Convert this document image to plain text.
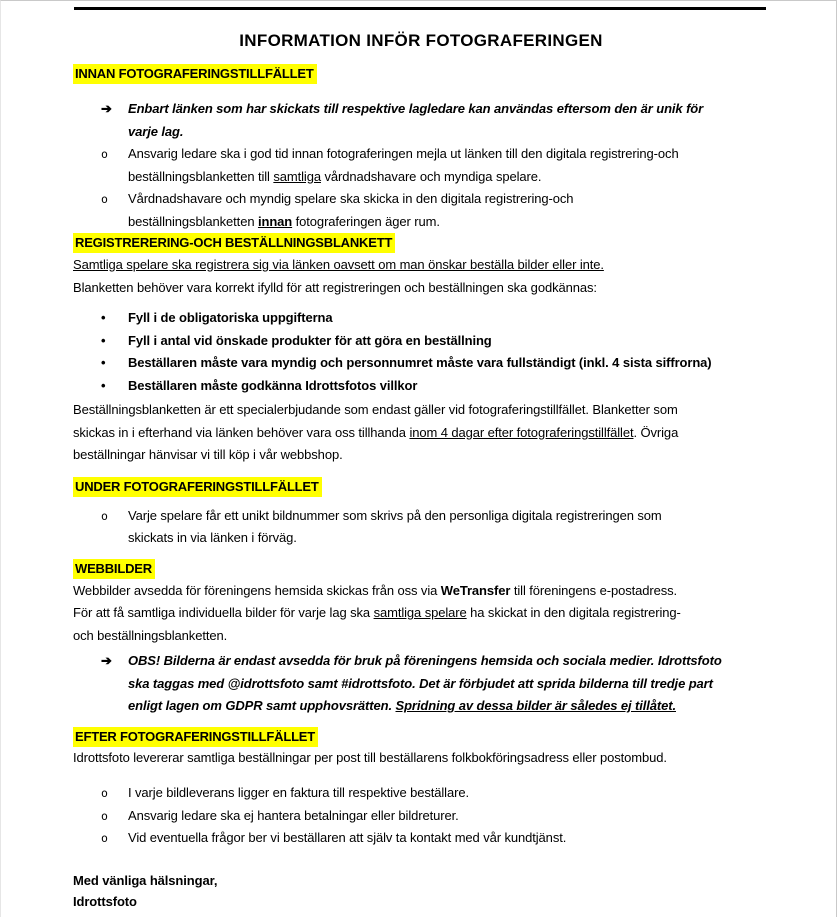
INFORMATION INFÖR FOTOGRAFERINGEN
INNAN FOTOGRAFERINGSTILLFÄLLET
➔ Enbart länken som har skickats till respektive lagledare kan användas eftersom den är unik för
varje lag.
o Ansvarig ledare ska i god tid innan fotograferingen mejla ut länken till den digitala registrering-och
beställningsblanketten till samtliga vårdnadshavare och myndiga spelare.
o Vårdnadshavare och myndig spelare ska skicka in den digitala registrering-och
beställningsblanketten innan fotograferingen äger rum.
REGISTRERERING-OCH BESTÄLLNINGSBLANKETT
Samtliga spelare ska registrera sig via länken oavsett om man önskar beställa bilder eller inte.
Blanketten behöver vara korrekt ifylld för att registreringen och beställningen ska godkännas:
• Fyll i de obligatoriska uppgifterna
• Fyll i antal vid önskade produkter för att göra en beställning
• Beställaren måste vara myndig och personnumret måste vara fullständigt (inkl. 4 sista siffrorna)
• Beställaren måste godkänna Idrottsfotos villkor
Beställningsblanketten är ett specialerbjudande som endast gäller vid fotograferingstillfället. Blanketter som
skickas in i efterhand via länken behöver vara oss tillhanda inom 4 dagar efter fotograferingstillfället. Övriga
beställningar hänvisar vi till köp i vår webbshop.
UNDER FOTOGRAFERINGSTILLFÄLLET
o Varje spelare får ett unikt bildnummer som skrivs på den personliga digitala registreringen som
skickats in via länken i förväg.
WEBBILDER
Webbilder avsedda för föreningens hemsida skickas från oss via WeTransfer till föreningens e-postadress.
För att få samtliga individuella bilder för varje lag ska samtliga spelare ha skickat in den digitala registrering-
och beställningsblanketten.
➔ OBS! Bilderna är endast avsedda för bruk på föreningens hemsida och sociala medier. Idrottsfoto
ska taggas med @idrottsfoto samt #idrottsfoto. Det är förbjudet att sprida bilderna till tredje part
enligt lagen om GDPR samt upphovsrätten. Spridning av dessa bilder är således ej tillåtet.
EFTER FOTOGRAFERINGSTILLFÄLLET
Idrottsfoto levererar samtliga beställningar per post till beställarens folkbokföringsadress eller postombud.
o I varje bildleverans ligger en faktura till respektive beställare.
o Ansvarig ledare ska ej hantera betalningar eller bildreturer.
o Vid eventuella frågor ber vi beställaren att själv ta kontakt med vår kundtjänst.
Med vänliga hälsningar,
Idrottsfoto
